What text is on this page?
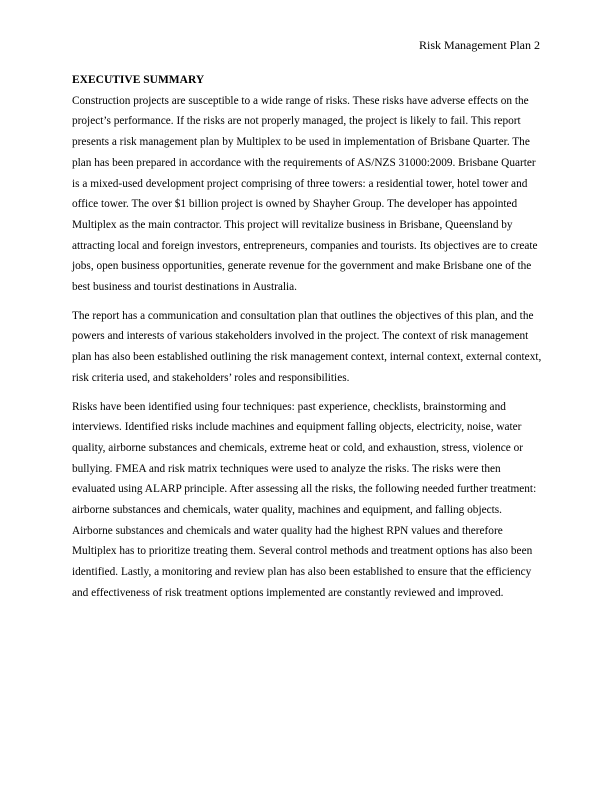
Risk Management Plan 2

EXECUTIVE SUMMARY

Construction projects are susceptible to a wide range of risks. These risks have adverse effects on the project’s performance. If the risks are not properly managed, the project is likely to fail. This report presents a risk management plan by Multiplex to be used in implementation of Brisbane Quarter. The plan has been prepared in accordance with the requirements of AS/NZS 31000:2009. Brisbane Quarter is a mixed-used development project comprising of three towers: a residential tower, hotel tower and office tower. The over $1 billion project is owned by Shayher Group. The developer has appointed Multiplex as the main contractor. This project will revitalize business in Brisbane, Queensland by attracting local and foreign investors, entrepreneurs, companies and tourists. Its objectives are to create jobs, open business opportunities, generate revenue for the government and make Brisbane one of the best business and tourist destinations in Australia.

The report has a communication and consultation plan that outlines the objectives of this plan, and the powers and interests of various stakeholders involved in the project. The context of risk management plan has also been established outlining the risk management context, internal context, external context, risk criteria used, and stakeholders’ roles and responsibilities.

Risks have been identified using four techniques: past experience, checklists, brainstorming and interviews. Identified risks include machines and equipment falling objects, electricity, noise, water quality, airborne substances and chemicals, extreme heat or cold, and exhaustion, stress, violence or bullying. FMEA and risk matrix techniques were used to analyze the risks. The risks were then evaluated using ALARP principle. After assessing all the risks, the following needed further treatment: airborne substances and chemicals, water quality, machines and equipment, and falling objects. Airborne substances and chemicals and water quality had the highest RPN values and therefore Multiplex has to prioritize treating them. Several control methods and treatment options has also been identified. Lastly, a monitoring and review plan has also been established to ensure that the efficiency and effectiveness of risk treatment options implemented are constantly reviewed and improved.
